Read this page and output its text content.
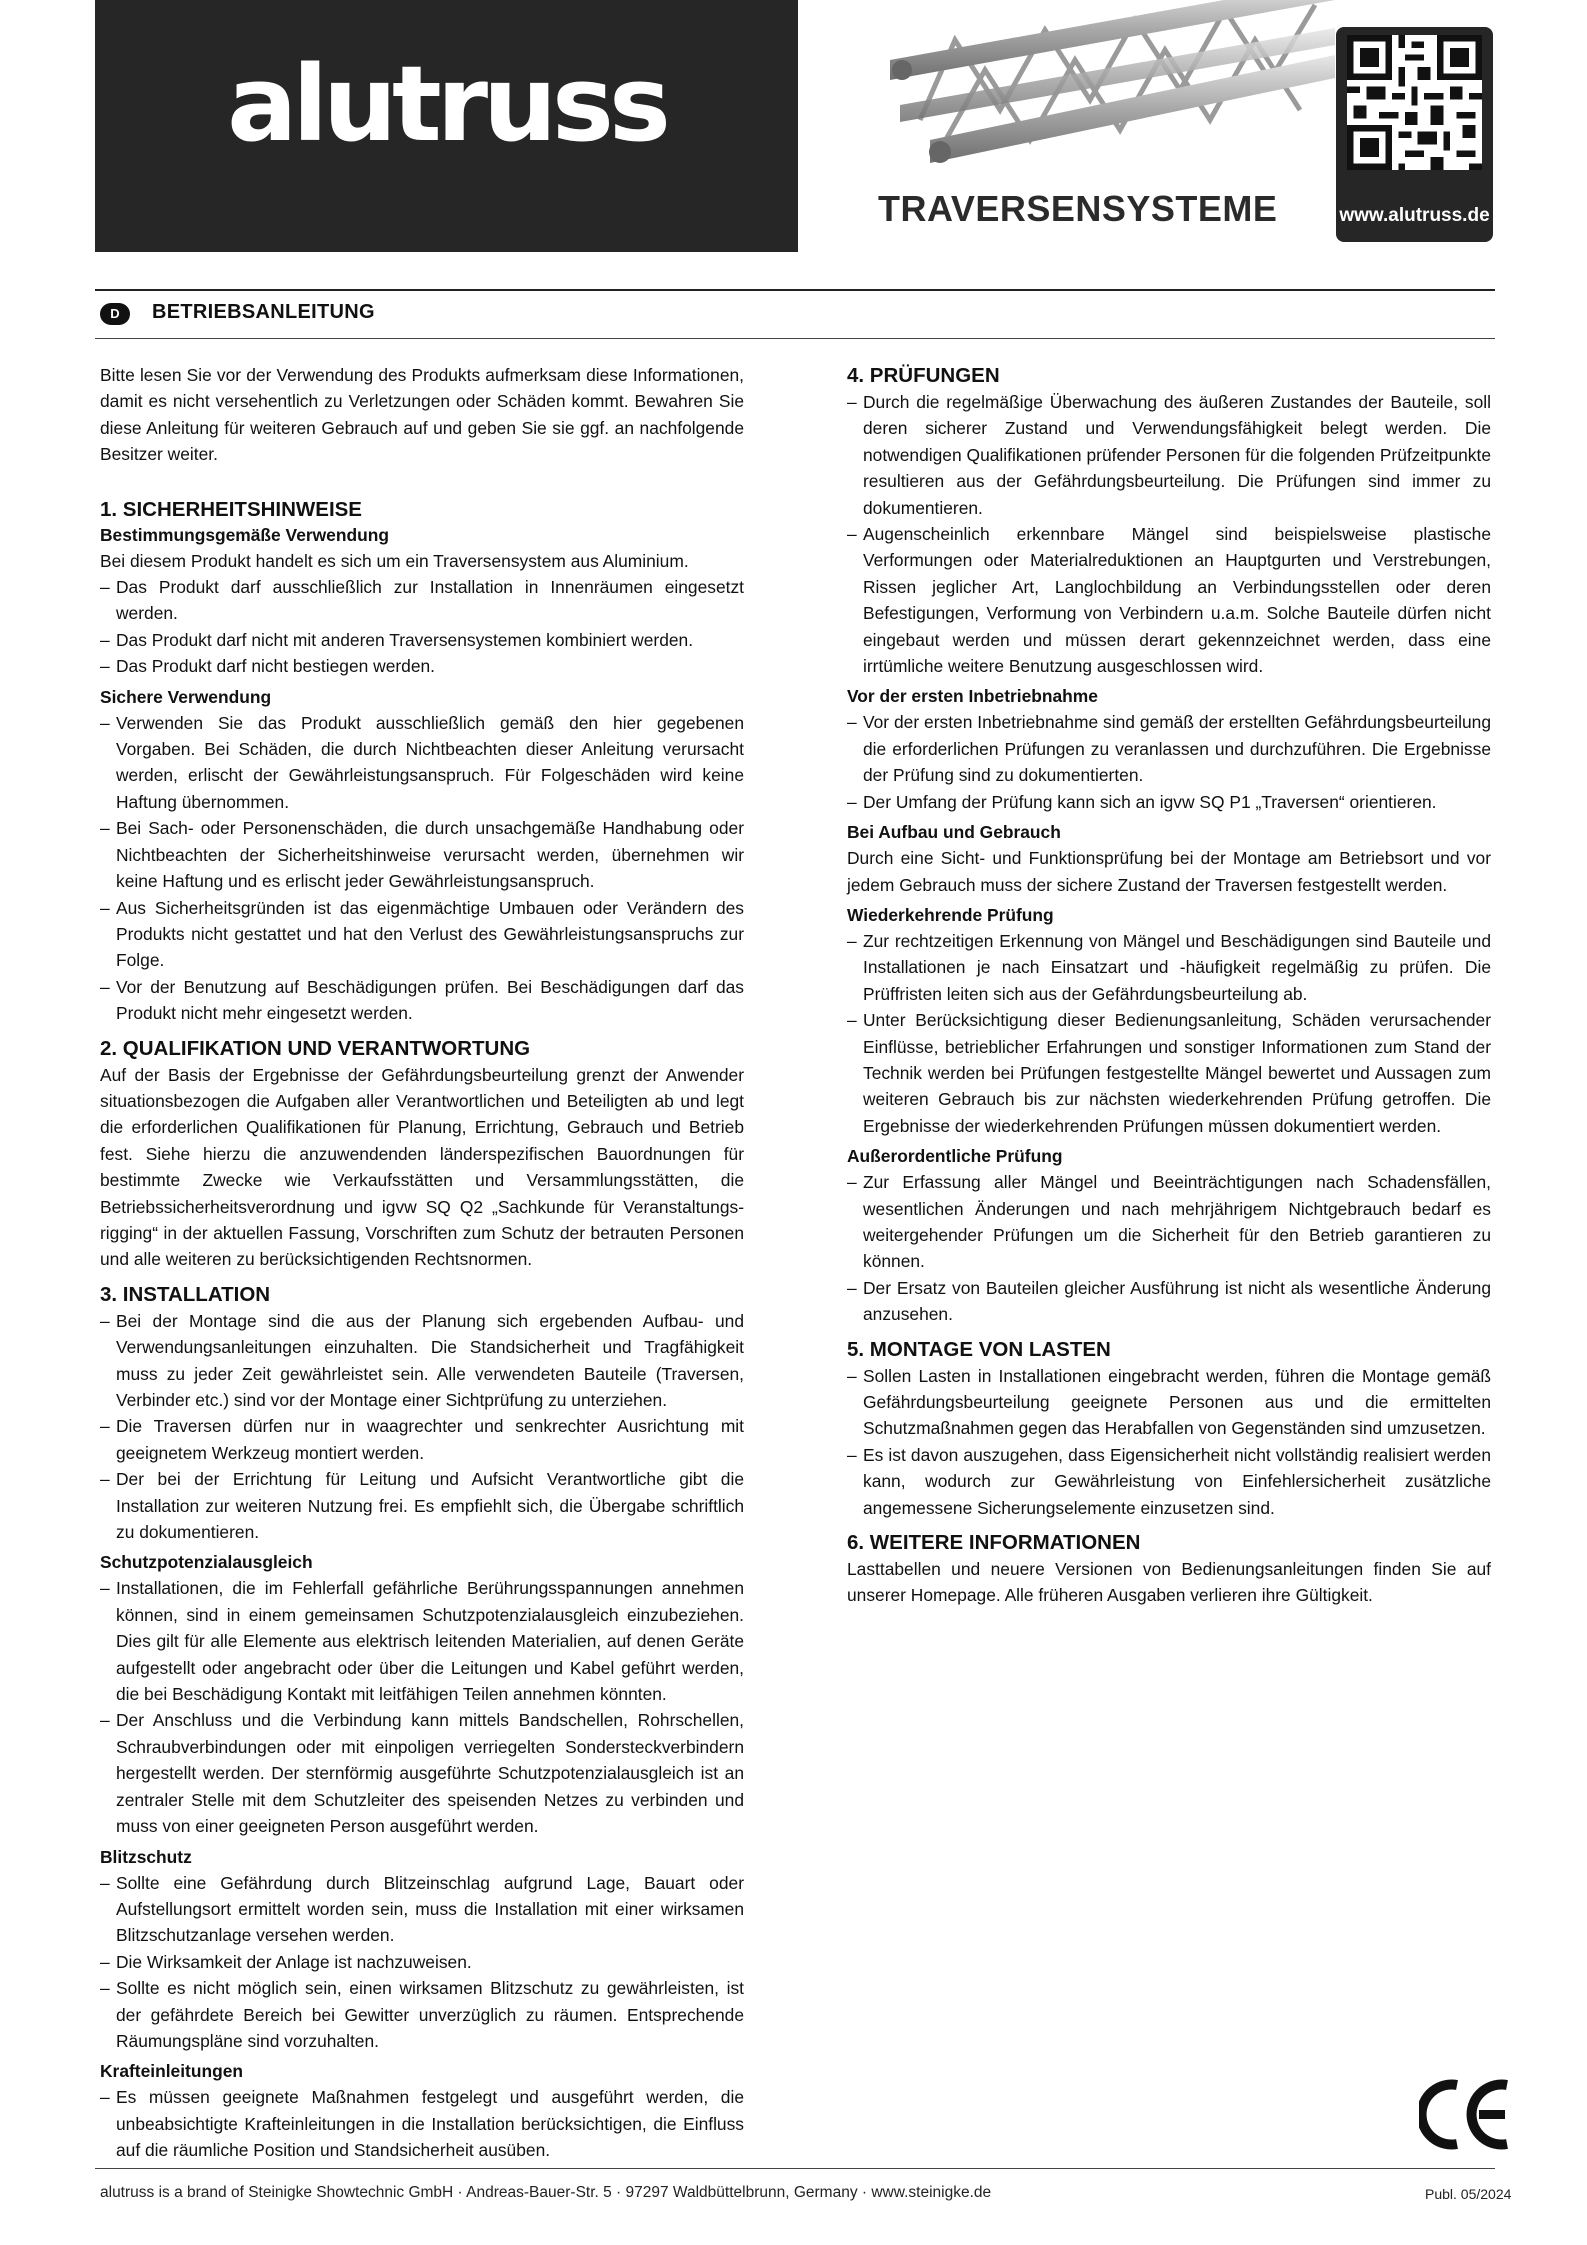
alutruss
TRAVERSENSYSTEME	www.alutruss.de
D	BETRIEBSANLEITUNG

Bitte lesen Sie vor der Verwendung des Produkts aufmerksam diese Informationen, damit es nicht versehentlich zu Verletzungen oder Schäden kommt. Bewahren Sie diese Anleitung für weiteren Gebrauch auf und geben Sie sie ggf. an nachfolgende Besitzer weiter.

1. SICHERHEITSHINWEISE
Bestimmungsgemäße Verwendung

Bei diesem Produkt handelt es sich um ein Traversensystem aus Aluminium.

– Das Produkt darf ausschließlich zur Installation in Innenräumen eingesetzt werden.
– Das Produkt darf nicht mit anderen Traversensystemen kombiniert werden.
– Das Produkt darf nicht bestiegen werden.
Sichere Verwendung
– Verwenden Sie das Produkt ausschließlich gemäß den hier gegebenen Vorgaben. Bei Schäden, die durch Nichtbeachten dieser Anleitung verursacht werden, erlischt der Gewährleistungsanspruch. Für Folgeschäden wird keine Haftung übernommen.
– Bei Sach- oder Personenschäden, die durch unsachgemäße Handhabung oder Nichtbeachten der Sicherheitshinweise verursacht werden, übernehmen wir keine Haftung und es erlischt jeder Gewährleistungsanspruch.
– Aus Sicherheitsgründen ist das eigenmächtige Umbauen oder Verändern des Produkts nicht gestattet und hat den Verlust des Gewährleistungsanspruchs zur Folge.
– Vor der Benutzung auf Beschädigungen prüfen. Bei Beschädigungen darf das Produkt nicht mehr eingesetzt werden.
2. QUALIFIKATION UND VERANTWORTUNG

Auf der Basis der Ergebnisse der Gefährdungsbeurteilung grenzt der Anwender situationsbezogen die Aufgaben aller Verantwortlichen und Beteiligten ab und legt die erforderlichen Qualifikationen für Planung, Errichtung, Gebrauch und Betrieb fest. Siehe hierzu die anzuwendenden länderspezifischen Bauordnungen für bestimmte Zwecke wie Verkaufsstätten und Versammlungsstätten, die Betriebssicherheitsverordnung und igvw SQ Q2 „Sachkunde für Veranstaltungs-rigging“ in der aktuellen Fassung, Vorschriften zum Schutz der betrauten Personen und alle weiteren zu berücksichtigenden Rechtsnormen.

3. INSTALLATION
– Bei der Montage sind die aus der Planung sich ergebenden Aufbau- und Verwendungsanleitungen einzuhalten. Die Standsicherheit und Tragfähigkeit muss zu jeder Zeit gewährleistet sein. Alle verwendeten Bauteile (Traversen, Verbinder etc.) sind vor der Montage einer Sichtprüfung zu unterziehen.
– Die Traversen dürfen nur in waagrechter und senkrechter Ausrichtung mit geeignetem Werkzeug montiert werden.
– Der bei der Errichtung für Leitung und Aufsicht Verantwortliche gibt die Installation zur weiteren Nutzung frei. Es empfiehlt sich, die Übergabe schriftlich zu dokumentieren.
Schutzpotenzialausgleich
– Installationen, die im Fehlerfall gefährliche Berührungsspannungen annehmen können, sind in einem gemeinsamen Schutzpotenzialausgleich einzubeziehen. Dies gilt für alle Elemente aus elektrisch leitenden Materialien, auf denen Geräte aufgestellt oder angebracht oder über die Leitungen und Kabel geführt werden, die bei Beschädigung Kontakt mit leitfähigen Teilen annehmen könnten.
– Der Anschluss und die Verbindung kann mittels Bandschellen, Rohrschellen, Schraubverbindungen oder mit einpoligen verriegelten Sondersteckverbindern hergestellt werden. Der sternförmig ausgeführte Schutzpotenzialausgleich ist an zentraler Stelle mit dem Schutzleiter des speisenden Netzes zu verbinden und muss von einer geeigneten Person ausgeführt werden.
Blitzschutz
– Sollte eine Gefährdung durch Blitzeinschlag aufgrund Lage, Bauart oder Aufstellungsort ermittelt worden sein, muss die Installation mit einer wirksamen Blitzschutzanlage versehen werden.
– Die Wirksamkeit der Anlage ist nachzuweisen.
– Sollte es nicht möglich sein, einen wirksamen Blitzschutz zu gewährleisten, ist der gefährdete Bereich bei Gewitter unverzüglich zu räumen. Entsprechende Räumungspläne sind vorzuhalten.
Krafteinleitungen
– Es müssen geeignete Maßnahmen festgelegt und ausgeführt werden, die unbeabsichtigte Krafteinleitungen in die Installation berücksichtigen, die Einfluss auf die räumliche Position und Standsicherheit ausüben.
4. PRÜFUNGEN
– Durch die regelmäßige Überwachung des äußeren Zustandes der Bauteile, soll deren sicherer Zustand und Verwendungsfähigkeit belegt werden. Die notwendigen Qualifikationen prüfender Personen für die folgenden Prüfzeitpunkte resultieren aus der Gefährdungsbeurteilung. Die Prüfungen sind immer zu dokumentieren.
– Augenscheinlich erkennbare Mängel sind beispielsweise plastische Verformungen oder Materialreduktionen an Hauptgurten und Verstrebungen, Rissen jeglicher Art, Langlochbildung an Verbindungsstellen oder deren Befestigungen, Verformung von Verbindern u.a.m. Solche Bauteile dürfen nicht eingebaut werden und müssen derart gekennzeichnet werden, dass eine irrtümliche weitere Benutzung ausgeschlossen wird.
Vor der ersten Inbetriebnahme
– Vor der ersten Inbetriebnahme sind gemäß der erstellten Gefährdungsbeurteilung die erforderlichen Prüfungen zu veranlassen und durchzuführen. Die Ergebnisse der Prüfung sind zu dokumentierten.
– Der Umfang der Prüfung kann sich an igvw SQ P1 „Traversen“ orientieren.
Bei Aufbau und Gebrauch

Durch eine Sicht- und Funktionsprüfung bei der Montage am Betriebsort und vor jedem Gebrauch muss der sichere Zustand der Traversen festgestellt werden.

Wiederkehrende Prüfung
– Zur rechtzeitigen Erkennung von Mängel und Beschädigungen sind Bauteile und Installationen je nach Einsatzart und -häufigkeit regelmäßig zu prüfen. Die Prüffristen leiten sich aus der Gefährdungsbeurteilung ab.
– Unter Berücksichtigung dieser Bedienungsanleitung, Schäden verursachender Einflüsse, betrieblicher Erfahrungen und sonstiger Informationen zum Stand der Technik werden bei Prüfungen festgestellte Mängel bewertet und Aussagen zum weiteren Gebrauch bis zur nächsten wiederkehrenden Prüfung getroffen. Die Ergebnisse der wiederkehrenden Prüfungen müssen dokumentiert werden.
Außerordentliche Prüfung
– Zur Erfassung aller Mängel und Beeinträchtigungen nach Schadensfällen, wesentlichen Änderungen und nach mehrjährigem Nichtgebrauch bedarf es weitergehender Prüfungen um die Sicherheit für den Betrieb garantieren zu können.
– Der Ersatz von Bauteilen gleicher Ausführung ist nicht als wesentliche Änderung anzusehen.
5. MONTAGE VON LASTEN
– Sollen Lasten in Installationen eingebracht werden, führen die Montage gemäß Gefährdungsbeurteilung geeignete Personen aus und die ermittelten Schutzmaßnahmen gegen das Herabfallen von Gegenständen sind umzusetzen.
– Es ist davon auszugehen, dass Eigensicherheit nicht vollständig realisiert werden kann, wodurch zur Gewährleistung von Einfehlersicherheit zusätzliche angemessene Sicherungselemente einzusetzen sind.
6. WEITERE INFORMATIONEN

Lasttabellen und neuere Versionen von Bedienungsanleitungen finden Sie auf unserer Homepage. Alle früheren Ausgaben verlieren ihre Gültigkeit.

alutruss is a brand of Steinigke Showtechnic GmbH · Andreas-Bauer-Str. 5 · 97297 Waldbüttelbrunn, Germany · www.steinigke.de	Publ. 05/2024
